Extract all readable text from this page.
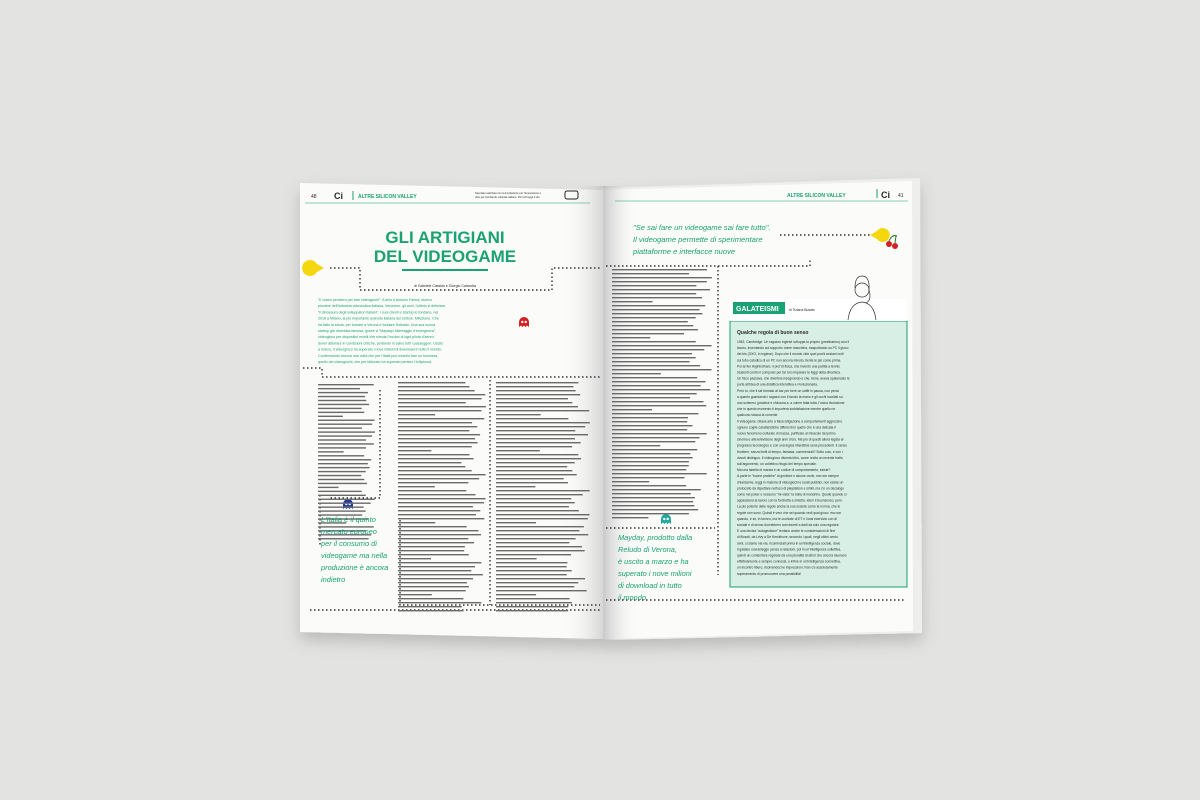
48 Ci	ALTRE SILICON VALLEY
Speciale realizzato con la Fondazione per l'innovazione e
oltre per l'ambiente culturale italiano. Per info leggi il sito
GLI ARTIGIANI
DEL VIDEOGAME
di Gabriele Cataldo e Giorgio Calandra
"Il vostro pensiero per fare videogiochi". A dirlo è Antonio Farina, storico
pioniere dell'industria videoludica italiana. Veronese, gli anni, l'ultimo si definisce
"il dinosauro degli sviluppatori italiani". I suoi clienti e startup lo fondano, nel
2016 a Milano, la più importante azienda italiana del settore: Milestone. Che
ha fatto la storia, per tornare a Verona e fondare Soleado. Una sua nuova
startup già diventata famosa, grazie a "Mayday! Atterraggio d'emergenza",
videogioco per dispositivi mobili che simula l'incubo di ogni pilota d'aereo:
dover atterrare in condizioni critiche, portando in salvo tutti i passeggeri. Uscito
a marzo, il videogioco ha superato i nove milioni di download in tutto il mondo.
Confermando ancora una volta che per l'Italia può esserlo fare un business,
quello dei videogiochi, che per fatturato ha superato persino Hollywood.
L'Italia è il quinto
mercato europeo
per il consumo di
videogame ma nella
produzione è ancora
indietro
ALTRE SILICON VALLEY	Ci 41
"Se sai fare un videogame sai fare tutto".
Il videogame permette di sperimentare
piattaforme e interfacce nuove
Mayday, prodotto dalla
Reludo di Verona,
è uscito a marzo e ha
superato i nove milioni
di download in tutto
il mondo
GALATEISMI	di Tiziana Busato
Qualche regola di buon senso
1962, Cambridge. Un ragazzo inglese sviluppa la proprio (prestissimo) così il
lavoro, inventando sul supporto nome macchina, trasportando su PC il gioco
del tris (OXO, in inglese). Dopo che il mondo vide quel pochi anziani vedi
sui tubo catodico di un PC non ancora minuto, tiente le più come prima.
Poi arrivò Higinbotham, il prof di fisica, che inventò una partita a tennis
studenti contro il computer per far loro imparare le leggi della dinamica.
Un fisco passava, che divertiva insegnando e che, bene, aveva spalancato le
porte all'idea di una didattica interattiva e rivoluzionaria.
Però tu, che il sei formato al bar per bere un caffè in pausa, non pensi
a quanto guardando i ragazzi con il tavolo la mano e gli occhi incollati su
uno schermo (practice e chiusura a, a volere fatta tutta, l'unica rivoluzione
che in questo momento ti importerà soddisfazione mentre quello ne
qualcuno stacca la corrente.
Il videogame: ottava arte a falsa istigazione a comportamenti aggressivi,
ognuno coglie caratteristiche differenti in quello che è una delicata il
nuovo fenomeno culturale di massa, purificato al miracolo del primo
cinema e alla televisione degli anni d'oro. Ma più di questi allora legata al
progresso tecnologico e con una logica interattiva sena precedenti. Il senso
frontiere, senza limiti di tempo, fantasia, commerciali? Sotto così, e con i
dovuti distinguo. Il videogioco diventa tribù, come recita un recente tratto
sull'argomento, un collettivo rifugio del tempo speciale.
Ma una tabella di marcia e un codice di comportamento, esiste?
A parte le "buone pratiche" di genitore e alcune ovvie, ma non sempre
chiarissime, leggi in materia di videogiochi e locali pubblici, non esiste un
protocollo da rispettare nell'uso di playstation e simili, ma c'è un decalogo
come nel poker e nessuno "mi-vieta" la bolla di mandrino. Quelle quando si
appassiona la lavoro con la forchetta a sinistra. Idem il buonsenso, però.
La più potente delle regole anche la sua societé come la norma, che le
regole non sono. Quindi è vero che sei quando vedi qual gioco: ma non
quando, e se, in torneo, ma le occhiate di ET e l'ossi esercizio con di
sociale e di senno dovrebbero convincerti a darli da solo una regolare.
E una decisa "autogestione" tentano anche le considerazioni di fine
di filosofi, da Lévy a De Kerckhove, secondo i quali, negli ultimi cento
anni, ci siamo via via. ricominciati prima in un'intelligenza sociale, dove
il galateo sovranlegge pensa a relazioni, poi in un'intelligenza collettiva,
quindi un contenitore regolare da una pluralità di attori che ancora lavorano
effettivamente e sempre connessi, e infine in un'intelligenza connettiva,
un incontro libero, risolvendoci le impressioni. Non c'è assolutamente
superamento di promuovere una possibilità!
